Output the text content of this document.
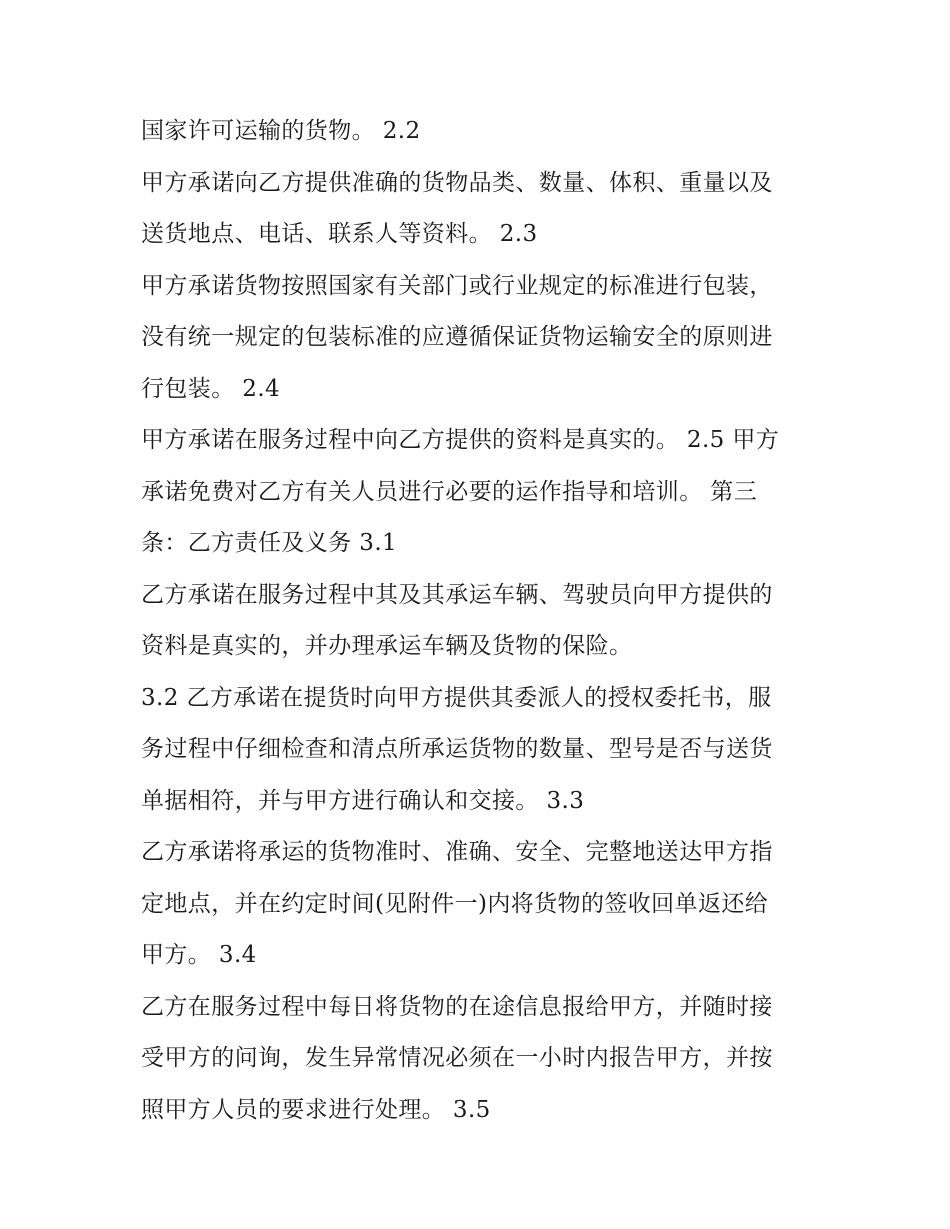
国家许可运输的货物。 2.2
甲方承诺向乙方提供准确的货物品类、数量、体积、重量以及
送货地点、电话、联系人等资料。 2.3
甲方承诺货物按照国家有关部门或行业规定的标准进行包装，
没有统一规定的包装标准的应遵循保证货物运输安全的原则进
行包装。 2.4
甲方承诺在服务过程中向乙方提供的资料是真实的。 2.5 甲方
承诺免费对乙方有关人员进行必要的运作指导和培训。 第三
条：乙方责任及义务 3.1
乙方承诺在服务过程中其及其承运车辆、驾驶员向甲方提供的
资料是真实的，并办理承运车辆及货物的保险。
3.2 乙方承诺在提货时向甲方提供其委派人的授权委托书，服
务过程中仔细检查和清点所承运货物的数量、型号是否与送货
单据相符，并与甲方进行确认和交接。 3.3
乙方承诺将承运的货物准时、准确、安全、完整地送达甲方指
定地点，并在约定时间(见附件一)内将货物的签收回单返还给
甲方。 3.4
乙方在服务过程中每日将货物的在途信息报给甲方，并随时接
受甲方的问询，发生异常情况必须在一小时内报告甲方，并按
照甲方人员的要求进行处理。 3.5
